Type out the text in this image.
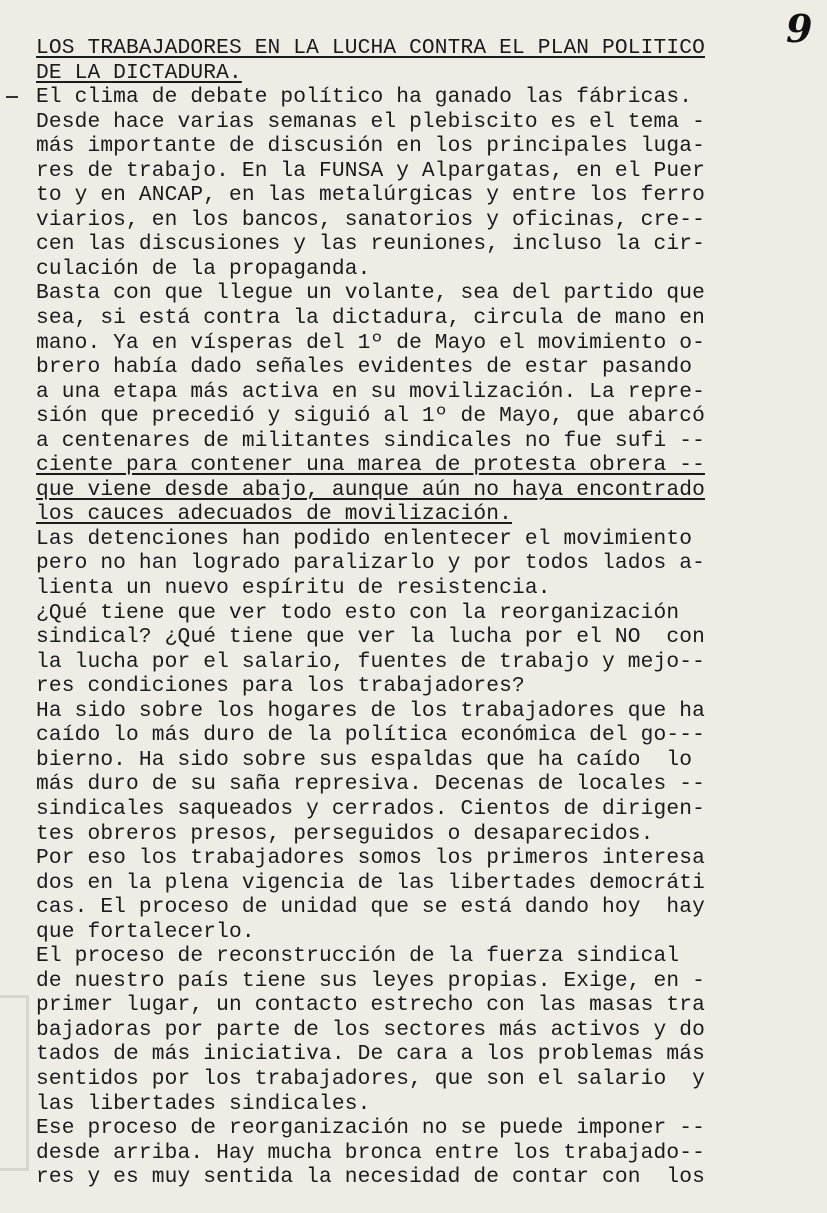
9
LOS TRABAJADORES EN LA LUCHA CONTRA EL PLAN POLITICO
DE LA DICTADURA.
El clima de debate político ha ganado las fábricas.
Desde hace varias semanas el plebiscito es el tema -
más importante de discusión en los principales luga-
res de trabajo. En la FUNSA y Alpargatas, en el Puer
to y en ANCAP, en las metalúrgicas y entre los ferro
viarios, en los bancos, sanatorios y oficinas, cre--
cen las discusiones y las reuniones, incluso la cir-
culación de la propaganda.
Basta con que llegue un volante, sea del partido que
sea, si está contra la dictadura, circula de mano en
mano. Ya en vísperas del 1º de Mayo el movimiento o-
brero había dado señales evidentes de estar pasando
a una etapa más activa en su movilización. La repre-
sión que precedió y siguió al 1º de Mayo, que abarcó
a centenares de militantes sindicales no fue sufi --
ciente para contener una marea de protesta obrera --
que viene desde abajo, aunque aún no haya encontrado
los cauces adecuados de movilización.
Las detenciones han podido enlentecer el movimiento
pero no han logrado paralizarlo y por todos lados a-
lienta un nuevo espíritu de resistencia.
¿Qué tiene que ver todo esto con la reorganización
sindical? ¿Qué tiene que ver la lucha por el NO  con
la lucha por el salario, fuentes de trabajo y mejo--
res condiciones para los trabajadores?
Ha sido sobre los hogares de los trabajadores que ha
caído lo más duro de la política económica del go---
bierno. Ha sido sobre sus espaldas que ha caído  lo
más duro de su saña represiva. Decenas de locales --
sindicales saqueados y cerrados. Cientos de dirigen-
tes obreros presos, perseguidos o desaparecidos.
Por eso los trabajadores somos los primeros interesa
dos en la plena vigencia de las libertades democráti
cas. El proceso de unidad que se está dando hoy  hay
que fortalecerlo.
El proceso de reconstrucción de la fuerza sindical
de nuestro país tiene sus leyes propias. Exige, en -
primer lugar, un contacto estrecho con las masas tra
bajadoras por parte de los sectores más activos y do
tados de más iniciativa. De cara a los problemas más
sentidos por los trabajadores, que son el salario  y
las libertades sindicales.
Ese proceso de reorganización no se puede imponer --
desde arriba. Hay mucha bronca entre los trabajado--
res y es muy sentida la necesidad de contar con  los
